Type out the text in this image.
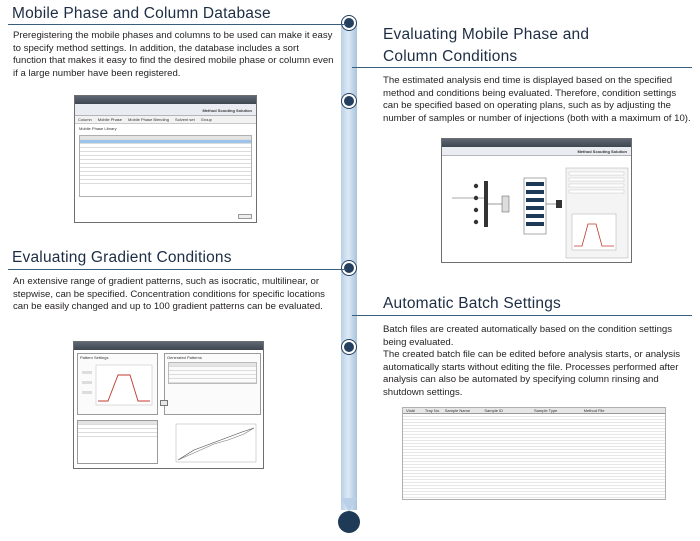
Mobile Phase and Column Database
Preregistering the mobile phases and columns to be used can make it easy to specify method settings. In addition, the database includes a sort function that makes it easy to find the desired mobile phase or column even if a large number have been registered.
Method Scouting Solution
Column Mobile Phase Mobile Phase Blending Solvent set Group
Mobile Phase Library
Evaluating Mobile Phase and
Column Conditions
The estimated analysis end time is displayed based on the specified method and conditions being evaluated. Therefore, condition settings can be specified based on operating plans, such as by adjusting the number of samples or number of injections (both with a maximum of 10).
Method Scouting Solution
Evaluating Gradient Conditions
An extensive range of gradient patterns, such as isocratic, multilinear, or stepwise, can be specified. Concentration conditions for specific locations can be easily changed and up to 100 gradient patterns can be evaluated.
Pattern Settings	Generated Patterns
Automatic Batch Settings
Batch files are created automatically based on the condition settings being evaluated.
The created batch file can be edited before analysis starts, or analysis automatically starts without editing the file. Processes performed after analysis can also be automated by specifying column rinsing and shutdown settings.
Vial#	Tray No.	Sample Name	Sample ID	Sample Type	Method File
